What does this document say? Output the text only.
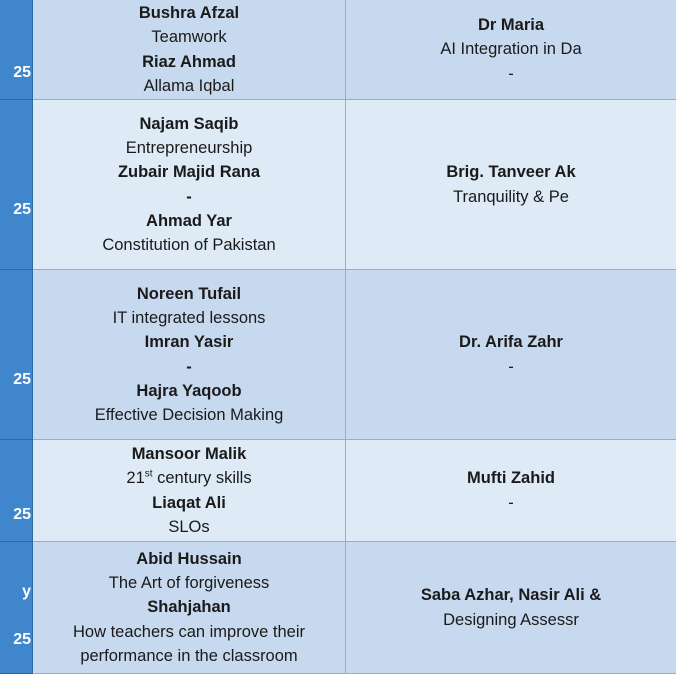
25
Bushra Afzal
Teamwork
Riaz Ahmad
Allama Iqbal
Dr Maria
AI Integration in Da
-
25
Najam Saqib
Entrepreneurship
Zubair Majid Rana
-
Ahmad Yar
Constitution of Pakistan
Brig. Tanveer Ak
Tranquility & Pe
25
Noreen Tufail
IT integrated lessons
Imran Yasir
-
Hajra Yaqoob
Effective Decision Making
Dr. Arifa Zahr
-
25
Mansoor Malik
21st century skills
Liaqat Ali
SLOs
Mufti Zahid
-
y
25
Abid Hussain
The Art of forgiveness
Shahjahan
How teachers can improve their
performance in the classroom
Saba Azhar, Nasir Ali &
Designing Assessr
